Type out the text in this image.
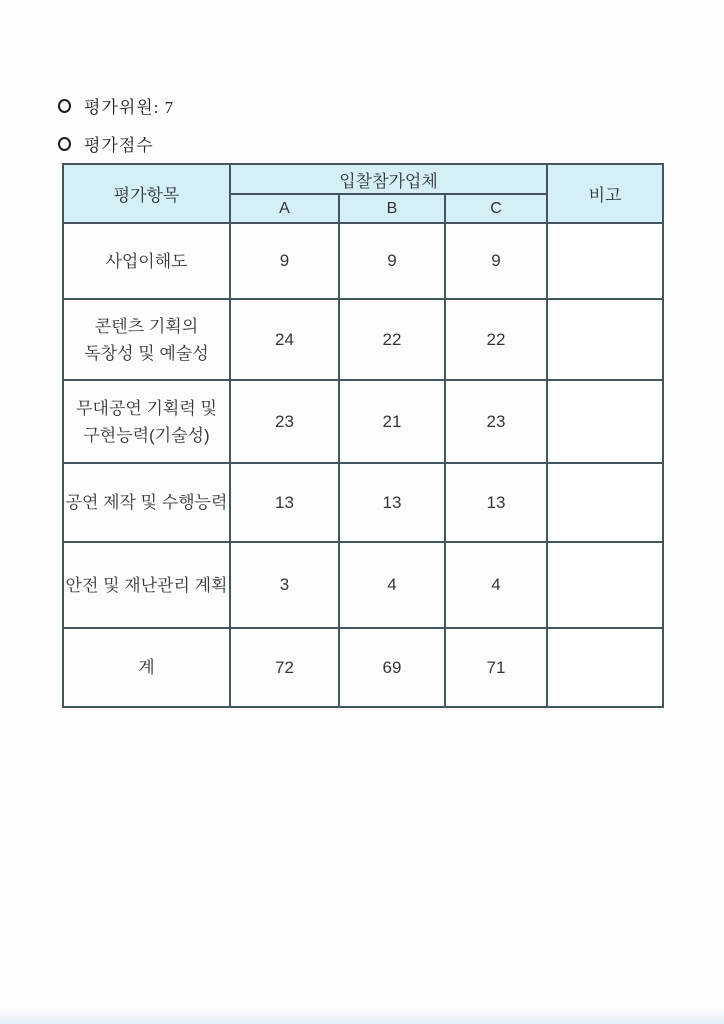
평가위원: 7
평가점수
평가항목	입찰참가업체			비고
	A	B	C	

사업이해도	9	9	9	

콘텐츠 기획의
독창성 및 예술성	24	22	22	

무대공연 기획력 및
구현능력(기술성)	23	21	23	

공연 제작 및 수행능력	13	13	13	

안전 및 재난관리 계획	3	4	4	

계	72	69	71	
